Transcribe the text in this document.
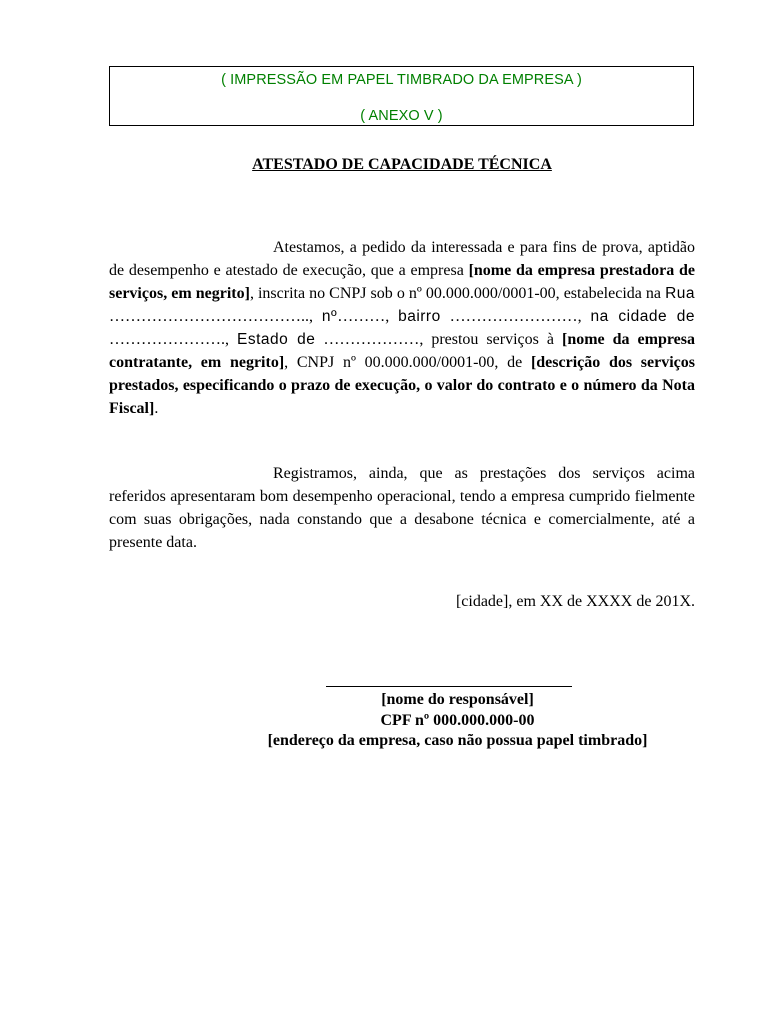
( IMPRESSÃO EM PAPEL TIMBRADO DA EMPRESA )
( ANEXO V )
ATESTADO DE CAPACIDADE TÉCNICA
Atestamos, a pedido da interessada e para fins de prova, aptidão de desempenho e atestado de execução, que a empresa [nome da empresa prestadora de serviços, em negrito], inscrita no CNPJ sob o nº 00.000.000/0001-00, estabelecida na Rua ……………………………….., nº………, bairro ……………………, na cidade de …………………., Estado de ………………, prestou serviços à [nome da empresa contratante, em negrito], CNPJ nº 00.000.000/0001-00, de [descrição dos serviços prestados, especificando o prazo de execução, o valor do contrato e o número da Nota Fiscal].
Registramos, ainda, que as prestações dos serviços acima referidos apresentaram bom desempenho operacional, tendo a empresa cumprido fielmente com suas obrigações, nada constando que a desabone técnica e comercialmente, até a presente data.
[cidade], em XX de XXXX de 201X.
[nome do responsável]
CPF nº 000.000.000-00
[endereço da empresa, caso não possua papel timbrado]
